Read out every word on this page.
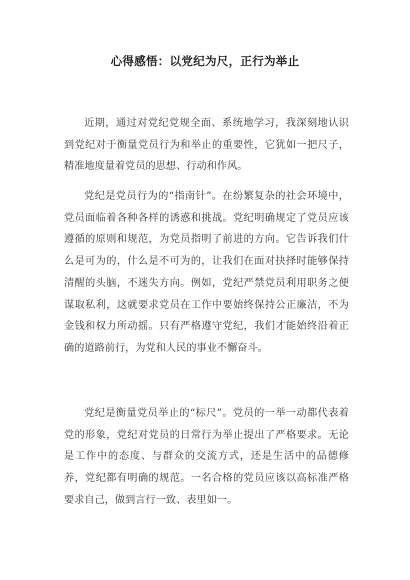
心得感悟：以党纪为尺，正行为举止

近期，通过对党纪党规全面、系统地学习，我深刻地认识到党纪对于衡量党员行为和举止的重要性，它犹如一把尺子，精准地度量着党员的思想、行动和作风。

党纪是党员行为的“指南针”。在纷繁复杂的社会环境中，党员面临着各种各样的诱惑和挑战。党纪明确规定了党员应该遵循的原则和规范，为党员指明了前进的方向。它告诉我们什么是可为的，什么是不可为的，让我们在面对抉择时能够保持清醒的头脑，不迷失方向。例如，党纪严禁党员利用职务之便谋取私利，这就要求党员在工作中要始终保持公正廉洁，不为金钱和权力所动摇。只有严格遵守党纪，我们才能始终沿着正确的道路前行，为党和人民的事业不懈奋斗。

党纪是衡量党员举止的“标尺”。党员的一举一动都代表着党的形象，党纪对党员的日常行为举止提出了严格要求。无论是工作中的态度、与群众的交流方式，还是生活中的品德修养，党纪都有明确的规范。一名合格的党员应该以高标准严格要求自己，做到言行一致、表里如一。
